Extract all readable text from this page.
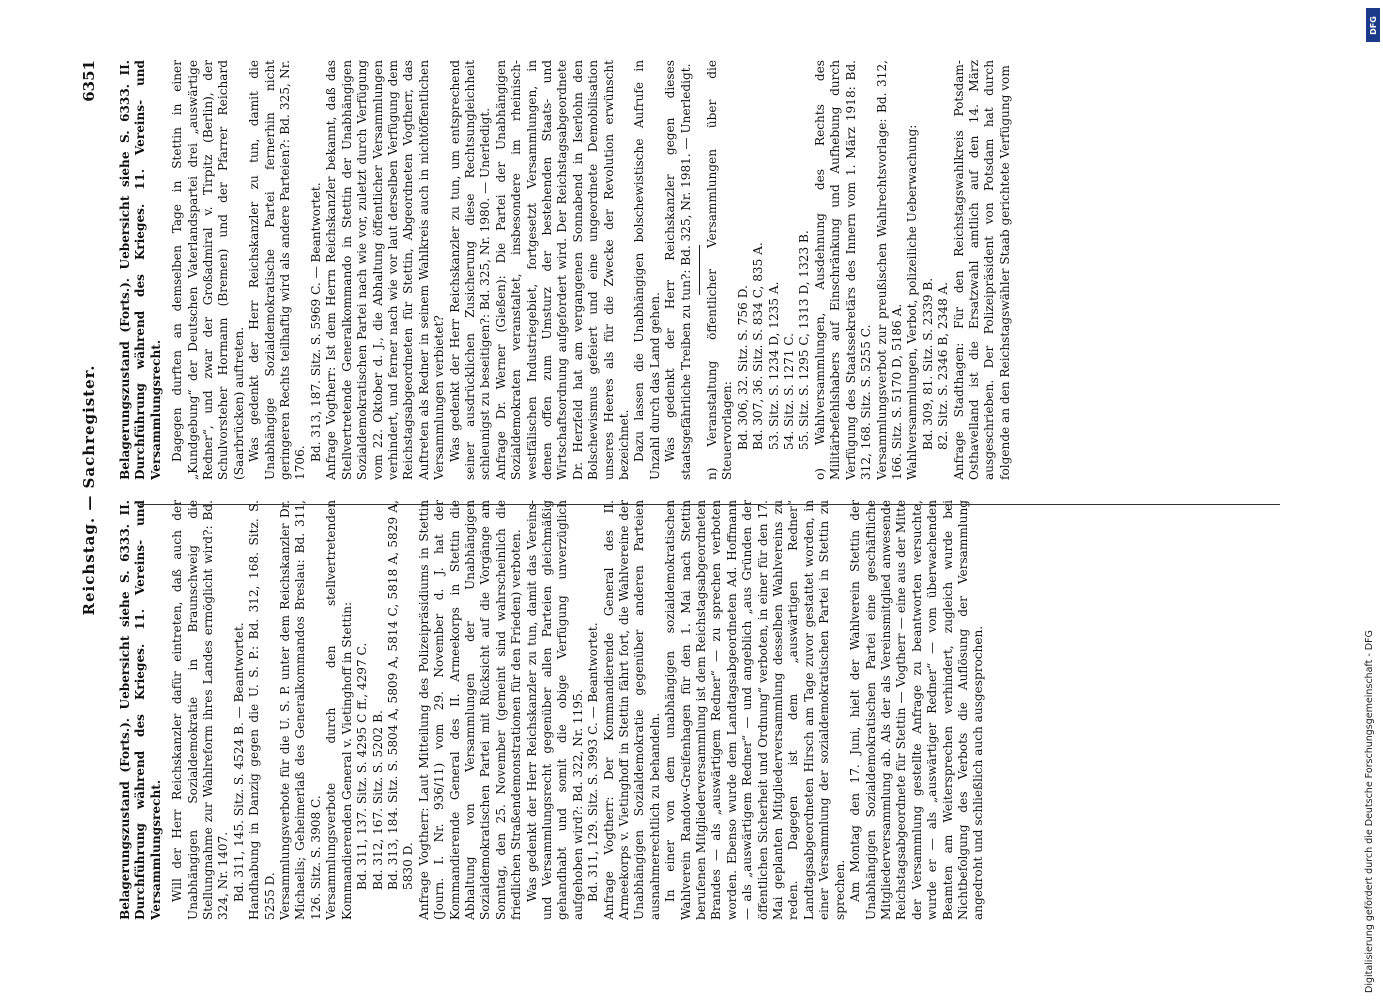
Reichstag. — Sachregister.
6351

Belagerungszustand (Forts.). Uebersicht siehe S. 6333. II. Durchführung während des Krieges. 11. Vereins- und Versammlungsrecht. Will der Herr Reichskanzler dafür eintreten, daß auch der Unabhängigen Sozialdemokratie in Braunschweig die Stellungnahme zur Wahlreform ihres Landes ermöglicht wird?: Bd. 324, Nr. 1407. Bd. 311, 145. Sitz. S. 4524 B. — Beantwortet. Handhabung in Danzig gegen die U. S. P.: Bd. 312, 168. Sitz. S. 5255 D. Versammlungsverbote für die U. S. P. unter dem Reichskanzler Dr. Michaelis; Geheimerlaß des Generalkommandos Breslau: Bd. 311, 126. Sitz. S. 3908 C. Versammlungsverbote durch den stellvertretenden Kommandierenden General v. Vietinghoff in Stettin: Bd. 311, 137. Sitz. S. 4295 C ff., 4297 C. Bd. 312, 167. Sitz. S. 5202 B. Bd. 313, 184. Sitz. S. 5804 A, 5809 A, 5814 C, 5818 A, 5829 A, 5830 D. Anfrage Vogtherr: Laut Mitteilung des Polizeipräsidiums in Stettin (Journ. I. Nr. 936/11) vom 29. November d. J. hat der Kommandierende General des II. Armeekorps in Stettin die Abhaltung von Versammlungen der Unabhängigen Sozialdemokratischen Partei mit Rücksicht auf die Vorgänge am Sonntag, den 25. November (gemeint sind wahrscheinlich die friedlichen Straßendemonstrationen für den Frieden) verboten. Was gedenkt der Herr Reichskanzler zu tun, damit das Vereins- und Versammlungsrecht gegenüber allen Parteien gleichmäßig gehandhabt und somit die obige Verfügung unverzüglich aufgehoben wird?: Bd. 322, Nr. 1195. Bd. 311, 129. Sitz. S. 3993 C. — Beantwortet. Anfrage Vogtherr: Der Kommandierende General des II. Armeekorps v. Vietinghoff in Stettin fährt fort, die Wahlvereine der Unabhängigen Sozialdemokratie gegenüber anderen Parteien ausnahmerechtlich zu behandeln. In einer von dem unabhängigen sozialdemokratischen Wahlverein Randow-Greifenhagen für den 1. Mai nach Stettin berufenen Mitgliederversammlung ist dem Reichstagsabgeordneten Brandes — als „auswärtigem Redner“ — zu sprechen verboten worden. Ebenso wurde dem Landtagsabgeordneten Ad. Hoffmann — als „auswärtigem Redner“ — und angeblich „aus Gründen der öffentlichen Sicherheit und Ordnung“ verboten, in einer für den 17. Mai geplanten Mitgliederversammlung desselben Wahlvereins zu reden. Dagegen ist dem „auswärtigen Redner“ Landtagsabgeordneten Hirsch am Tage zuvor gestattet worden, in einer Versammlung der sozialdemokratischen Partei in Stettin zu sprechen. Am Montag den 17. Juni, hielt der Wahlverein Stettin der Unabhängigen Sozialdemokratischen Partei eine geschäftliche Mitgliederversammlung ab. Als der als Vereinsmitglied anwesende Reichstagsabgeordnete für Stettin — Vogtherr — eine aus der Mitte der Versammlung gestellte Anfrage zu beantworten versuchte, wurde er — als „auswärtiger Redner“ — vom überwachenden Beamten am Weitersprechen verhindert, zugleich wurde bei Nichtbefolgung des Verbots die Auflösung der Versammlung angedroht und schließlich auch ausgesprochen.

Belagerungszustand (Forts.). Uebersicht siehe S. 6333. II. Durchführung während des Krieges. 11. Vereins- und Versammlungsrecht. Dagegen durften an demselben Tage in Stettin in einer „Kundgebung“ der Deutschen Vaterlandspartei drei „auswärtige Redner“, und zwar der Großadmiral v. Tirpitz (Berlin), der Schulvorsteher Hormann (Bremen) und der Pfarrer Reichard (Saarbrücken) auftreten. Was gedenkt der Herr Reichskanzler zu tun, damit die Unabhängige Sozialdemokratische Partei fernerhin nicht geringeren Rechts teilhaftig wird als andere Parteien?: Bd. 325, Nr. 1706.

Bd. 313, 187. Sitz. S. 5969 C. — Beantwortet. Anfrage Vogtherr: Ist dem Herrn Reichskanzler bekannt, daß das Stellvertretende Generalkommando in Stettin der Unabhängigen Sozialdemokratischen Partei nach wie vor, zuletzt durch Verfügung vom 22. Oktober d. J., die Abhaltung öffentlicher Versammlungen verhindert, und ferner nach wie vor laut derselben Verfügung dem Reichstagsabgeordneten für Stettin, Abgeordneten Vogtherr, das Auftreten als Redner in seinem Wahlkreis auch in nichtöffentlichen Versammlungen verbietet? Was gedenkt der Herr Reichskanzler zu tun, um entsprechend seiner ausdrücklichen Zusicherung diese Rechtsungleichheit schleunigst zu beseitigen?: Bd. 325, Nr. 1980. — Unerledigt. Anfrage Dr. Werner (Gießen): Die Partei der Unabhängigen Sozialdemokraten veranstaltet, insbesondere im rheinisch-westfälischen Industriegebiet, fortgesetzt Versammlungen, in denen offen zum Umsturz der bestehenden Staats- und Wirtschaftsordnung aufgefordert wird. Der Reichstagsabgeordnete Dr. Herzfeld hat am vergangenen Sonnabend in Iserlohn den Bolschewismus gefeiert und eine ungeordnete Demobilisation unseres Heeres als für die Zwecke der Revolution erwünscht bezeichnet. Dazu lassen die Unabhängigen bolschewistische Aufrufe in Unzahl durch das Land gehen. Was gedenkt der Herr Reichskanzler gegen dieses staatsgefährliche Treiben zu tun?: Bd. 325, Nr. 1981. — Unerledigt. n) Veranstaltung öffentlicher Versammlungen über die Steuervorlagen: Bd. 306, 32. Sitz. S. 756 D. Bd. 307, 36. Sitz. S. 834 C, 835 A. 53. Sitz. S. 1234 D, 1235 A. 54. Sitz. S. 1271 C. 55. Sitz. S. 1295 C, 1313 D, 1323 B. o) Wahlversammlungen, Ausdehnung des Rechts des Militärbefehlshabers auf Einschränkung und Aufhebung durch Verfügung des Staatssekretärs des Innern vom 1. März 1918: Bd. 312, 168. Sitz. S. 5255 C. Versammlungsverbot zur preußischen Wahlrechtsvorlage: Bd. 312, 166. Sitz. S. 5170 D, 5186 A. Wahlversammlungen, Verbot, polizeiliche Ueberwachung: Bd. 309, 81. Sitz. S. 2339 B. 82. Sitz. S. 2346 B, 2348 A. Anfrage Stadthagen: Für den Reichstagswahlkreis Potsdam-Osthavelland ist die Ersatzwahl amtlich auf den 14. März ausgeschrieben. Der Polizeipräsident von Potsdam hat durch folgende an den Reichstagswähler Staab gerichtete Verfügung vom

Digitalisierung gefördert durch die Deutsche Forschungsgemeinschaft - DFG
DFG
